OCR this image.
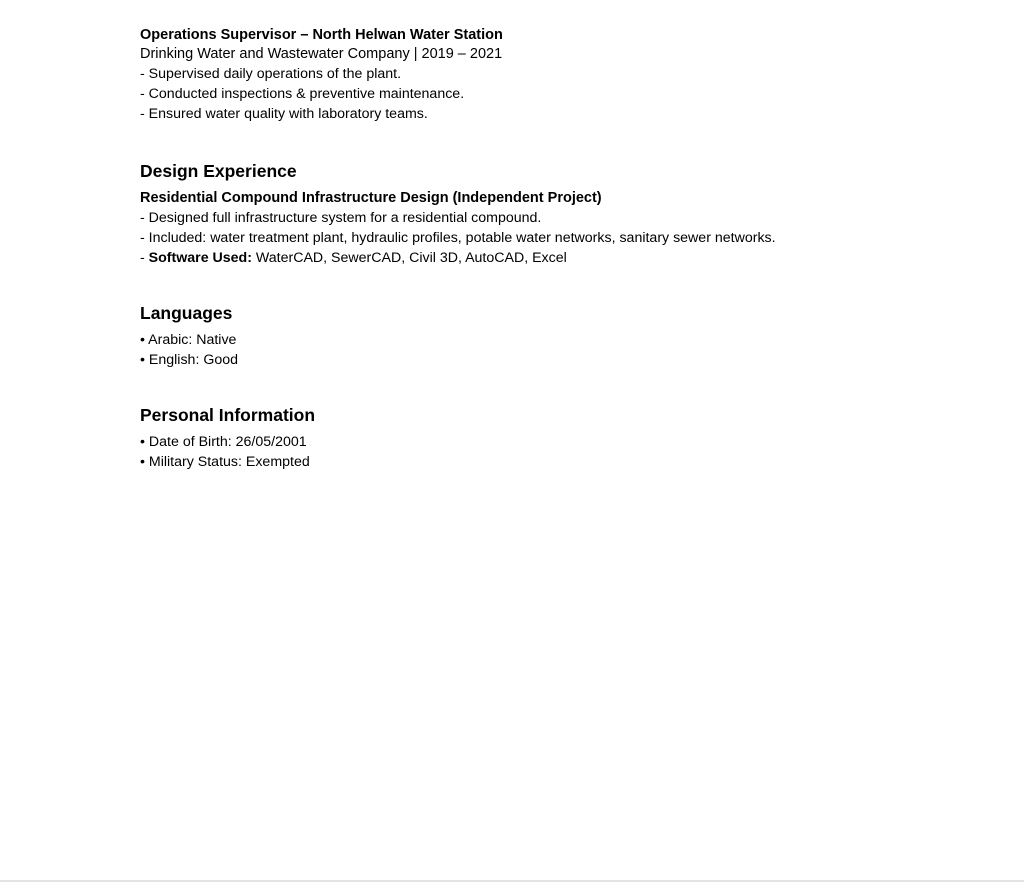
Operations Supervisor – North Helwan Water Station

Drinking Water and Wastewater Company | 2019 – 2021

- Supervised daily operations of the plant.

- Conducted inspections & preventive maintenance.

- Ensured water quality with laboratory teams.

Design Experience

Residential Compound Infrastructure Design (Independent Project)

- Designed full infrastructure system for a residential compound.

- Included: water treatment plant, hydraulic profiles, potable water networks, sanitary sewer networks.

- Software Used: WaterCAD, SewerCAD, Civil 3D, AutoCAD, Excel

Languages

• Arabic: Native

• English: Good

Personal Information

• Date of Birth: 26/05/2001

• Military Status: Exempted
